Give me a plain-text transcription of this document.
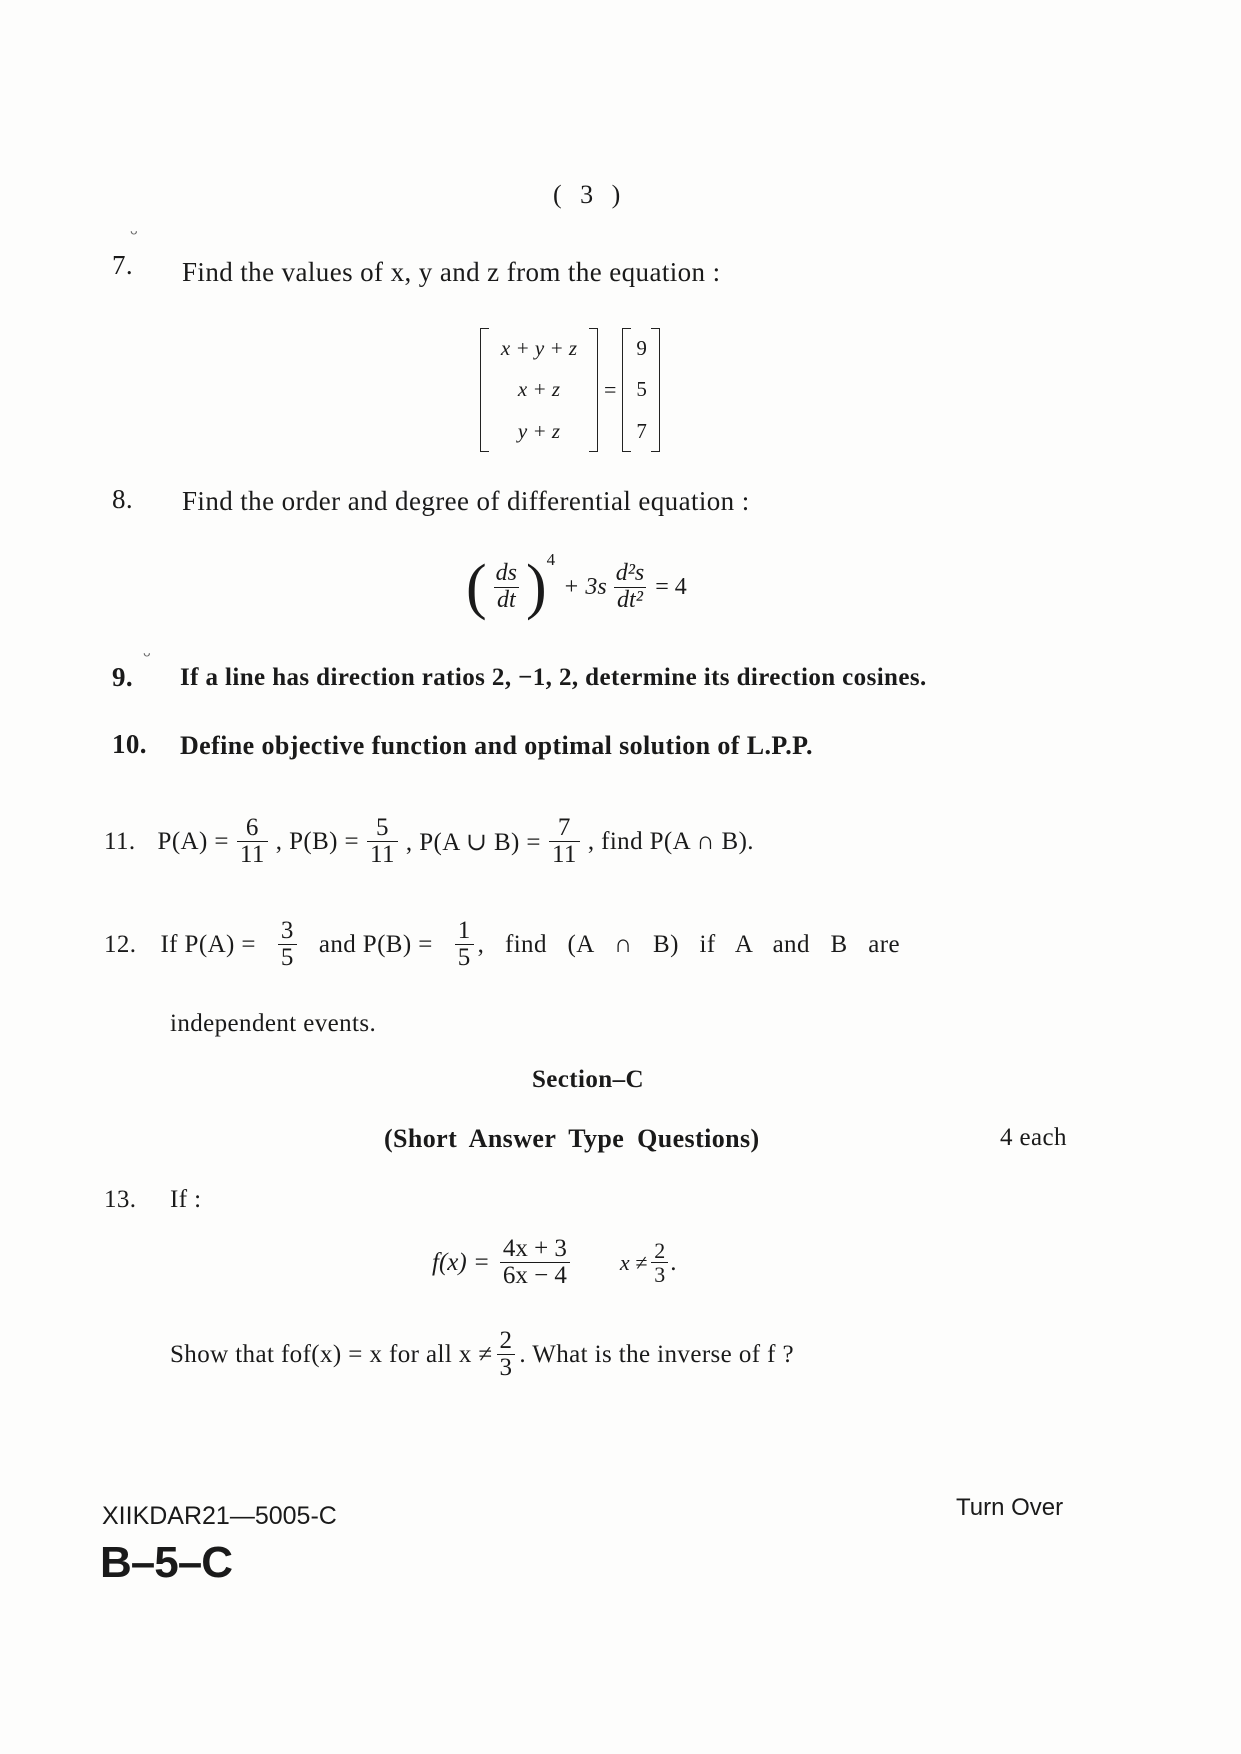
( 3 )
ᵕ
7. Find the values of x, y and z from the equation :
x + y + z
x + z
y + z
=
9
5
7
8. Find the order and degree of differential equation :
( $\frac{ds}{dt} )^4$
+ $3s \frac{\text{d²s}}{\text{dt²}} = 4$
ᵕ
9. If a line has direction ratios 2, −1, 2, determine its direction cosines.
10. Define objective function and optimal solution of L.P.P.
11. $P(A) = \frac{6}{11}$ , $P(B) = \frac{5}{11}$ , P(A ∪ $B) = \frac{7}{11}$ , find P(A ∩ B).
12. If $P(A) = \frac{3}{5}$ and $P(B) = \frac{1}{5}$ , find (A ∩ B) if A and B are
independent events.
Section–C
(Short Answer Type Questions)	4 each
13. If :
$f(x) = \frac{4x + 3}{6x - 4}$ $x \ne \frac{2}{3}$ .
Show that fof(x) = x for all $x \ne \frac{2}{3}$ . What is the inverse of f ?
XIIKDAR21—5005-C
B–5–C
Turn Over
